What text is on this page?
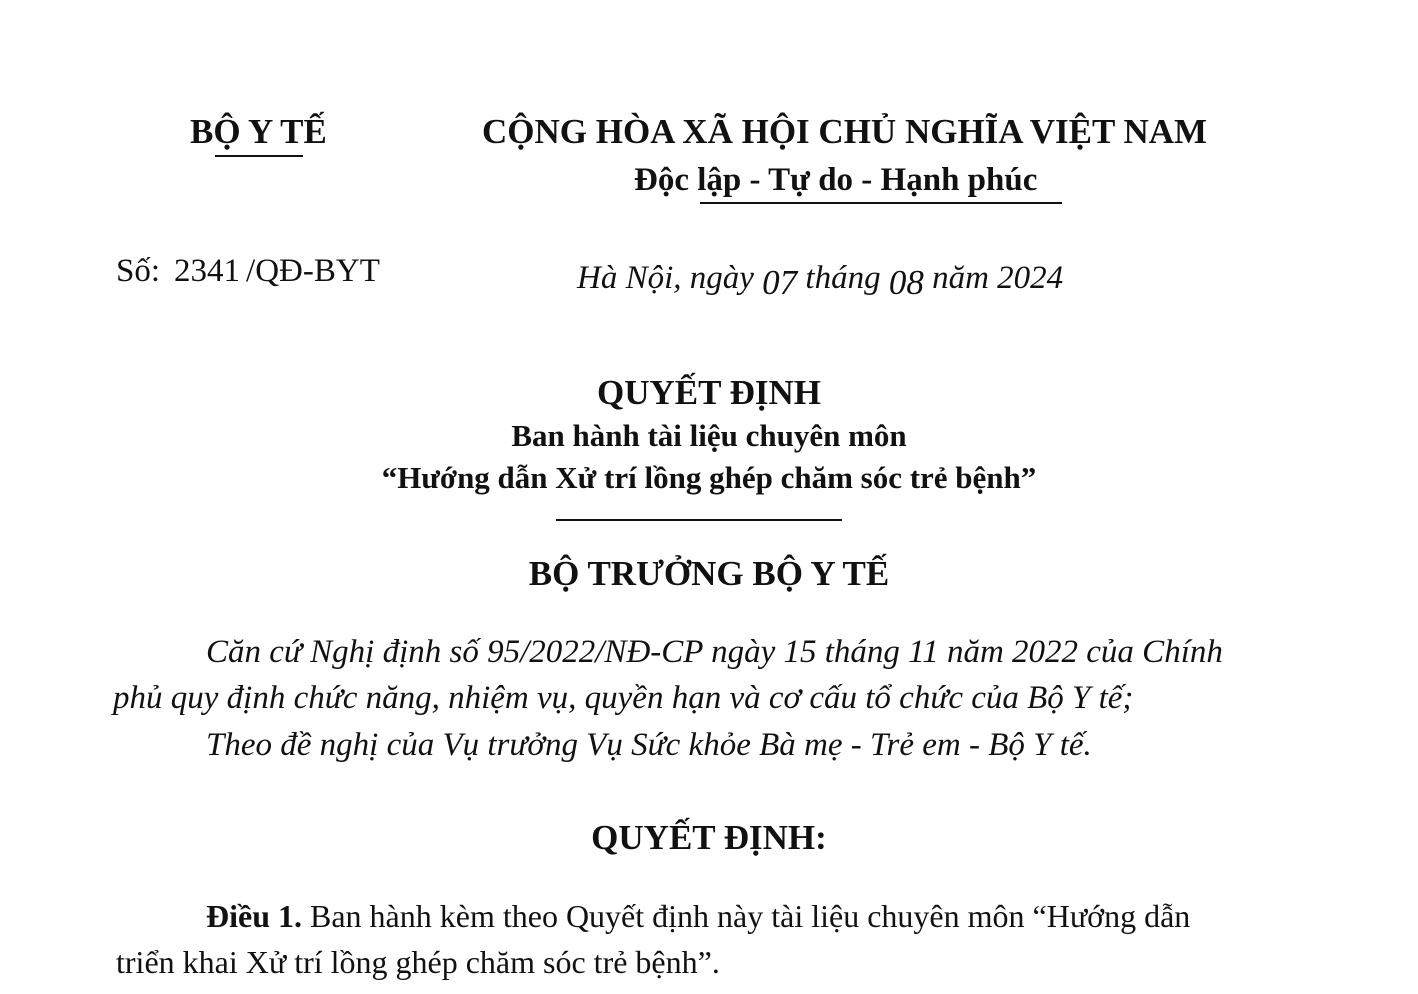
BỘ Y TẾ	CỘNG HÒA XÃ HỘI CHỦ NGHĨA VIỆT NAM
Độc lập - Tự do - Hạnh phúc
Số: 2341 /QĐ-BYT	Hà Nội, ngày 07 tháng 08 năm 2024
QUYẾT ĐỊNH
Ban hành tài liệu chuyên môn
“Hướng dẫn Xử trí lồng ghép chăm sóc trẻ bệnh”
BỘ TRƯỞNG BỘ Y TẾ
Căn cứ Nghị định số 95/2022/NĐ-CP ngày 15 tháng 11 năm 2022 của Chính
phủ quy định chức năng, nhiệm vụ, quyền hạn và cơ cấu tổ chức của Bộ Y tế;
Theo đề nghị của Vụ trưởng Vụ Sức khỏe Bà mẹ - Trẻ em - Bộ Y tế.
QUYẾT ĐỊNH:
Điều 1. Ban hành kèm theo Quyết định này tài liệu chuyên môn “Hướng dẫn
triển khai Xử trí lồng ghép chăm sóc trẻ bệnh”.
